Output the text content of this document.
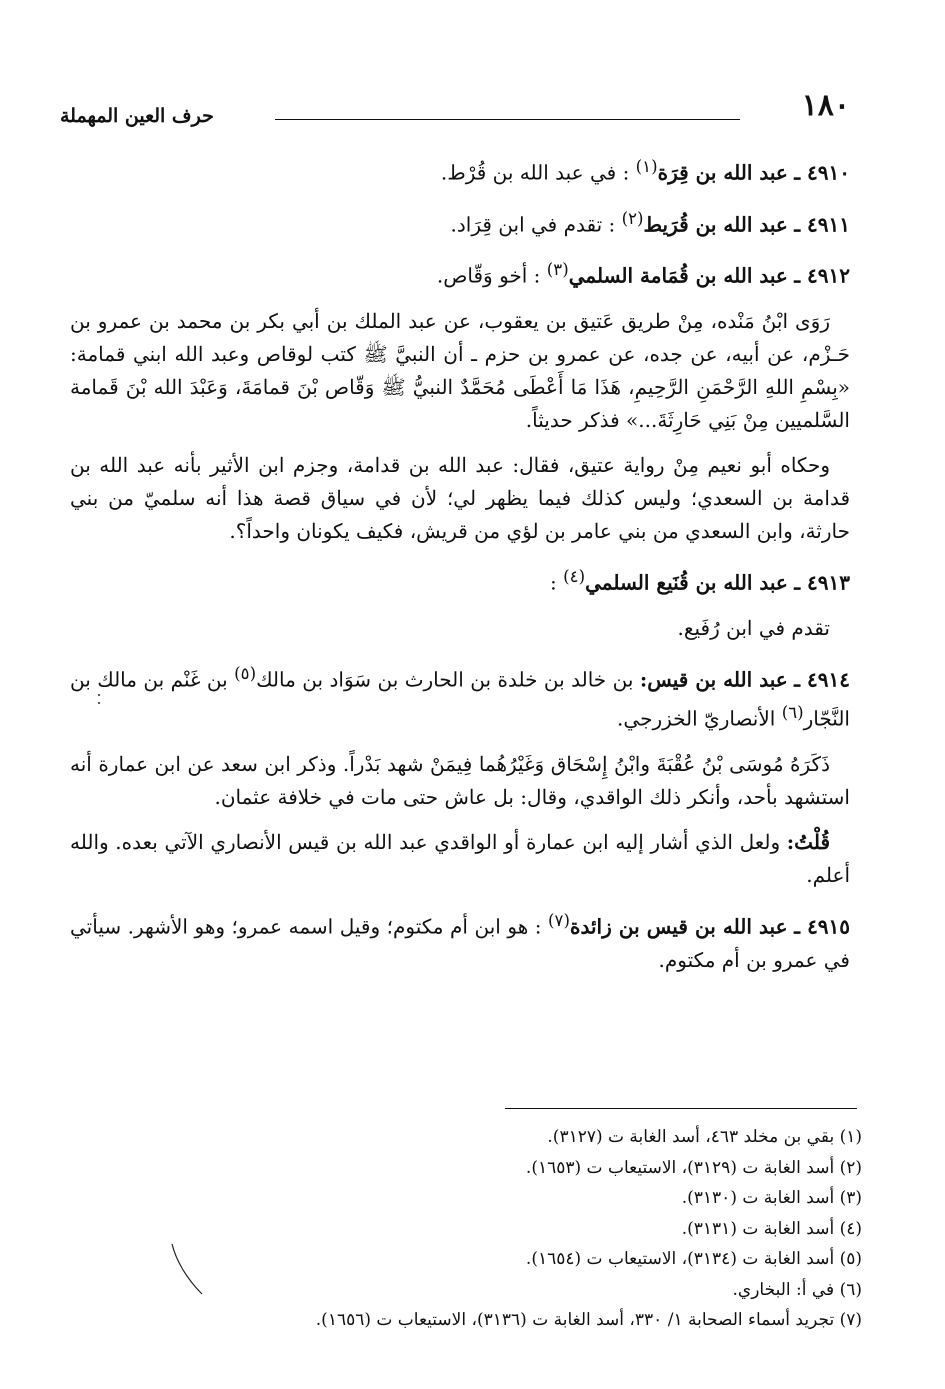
١٨٠
حرف العين المهملة

٤٩١٠ ـ عبد الله بن قِرَة$^{(١)}$ : في عبد الله بن قُرْط.

٤٩١١ ـ عبد الله بن قُرَيط$^{(٢)}$ : تقدم في ابن قِرَاد.

٤٩١٢ ـ عبد الله بن قُمَامة السلمي$^{(٣)}$ : أخو وَقّاص.

رَوَى ابْنُ مَنْده، مِنْ طريق عَتيق بن يعقوب، عن عبد الملك بن أبي بكر بن محمد بن عمرو بن حَـزْم، عن أبيه، عن جده، عن عمرو بن حزم ـ أن النبيَّ ﷺ كتب لوقاص وعبد الله ابني قمامة: «بِسْمِ اللهِ الرَّحْمَنِ الرَّحِيمِ، هَذَا مَا أَعْطَى مُحَمَّدٌ النبيُّ ﷺ وَقّاص بْنَ قمامَةَ، وَعَبْدَ الله بْنَ قَمامة السَّلميين مِنْ بَنِي حَارِثَةَ...» فذكر حديثاً.

وحكاه أبو نعيم مِنْ رواية عتيق، فقال: عبد الله بن قدامة، وجزم ابن الأثير بأنه عبد الله بن قدامة بن السعدي؛ وليس كذلك فيما يظهر لي؛ لأن في سياق قصة هذا أنه سلميّ من بني حارثة، وابن السعدي من بني عامر بن لؤي من قريش، فكيف يكونان واحداً؟.

٤٩١٣ ـ عبد الله بن قُنَيع السلمي$^{(٤)}$ :

تقدم في ابن رُفَيع.

٤٩١٤ ـ عبد الله بن قيس: بن خالد بن خلدة بن الحارث بن سَوَاد بن مالك$^{(٥)}$ بن غَنْم بن مالك بن النَّجّار$^{(٦)}$ الأنصاريّ الخزرجي.

ذَكَرَهُ مُوسَى بْنُ عُقْبَةَ وابْنُ إِسْحَاق وَغَيْرُهُما فِيمَنْ شهد بَدْراً. وذكر ابن سعد عن ابن عمارة أنه استشهد بأحد، وأنكر ذلك الواقدي، وقال: بل عاش حتى مات في خلافة عثمان.

قُلْتُ: ولعل الذي أشار إليه ابن عمارة أو الواقدي عبد الله بن قيس الأنصاري الآتي بعده. والله أعلم.

٤٩١٥ ـ عبد الله بن قيس بن زائدة$^{(٧)}$ : هو ابن أم مكتوم؛ وقيل اسمه عمرو؛ وهو الأشهر. سيأتي في عمرو بن أم مكتوم.

(١) بقي بن مخلد ٤٦٣، أسد الغابة ت (٣١٢٧).

(٢) أسد الغابة ت (٣١٢٩)، الاستيعاب ت (١٦٥٣).

(٣) أسد الغابة ت (٣١٣٠).

(٤) أسد الغابة ت (٣١٣١).

(٥) أسد الغابة ت (٣١٣٤)، الاستيعاب ت (١٦٥٤).

(٦) في أ: البخاري.

(٧) تجريد أسماء الصحابة ١/ ٣٣٠، أسد الغابة ت (٣١٣٦)، الاستيعاب ت (١٦٥٦).
